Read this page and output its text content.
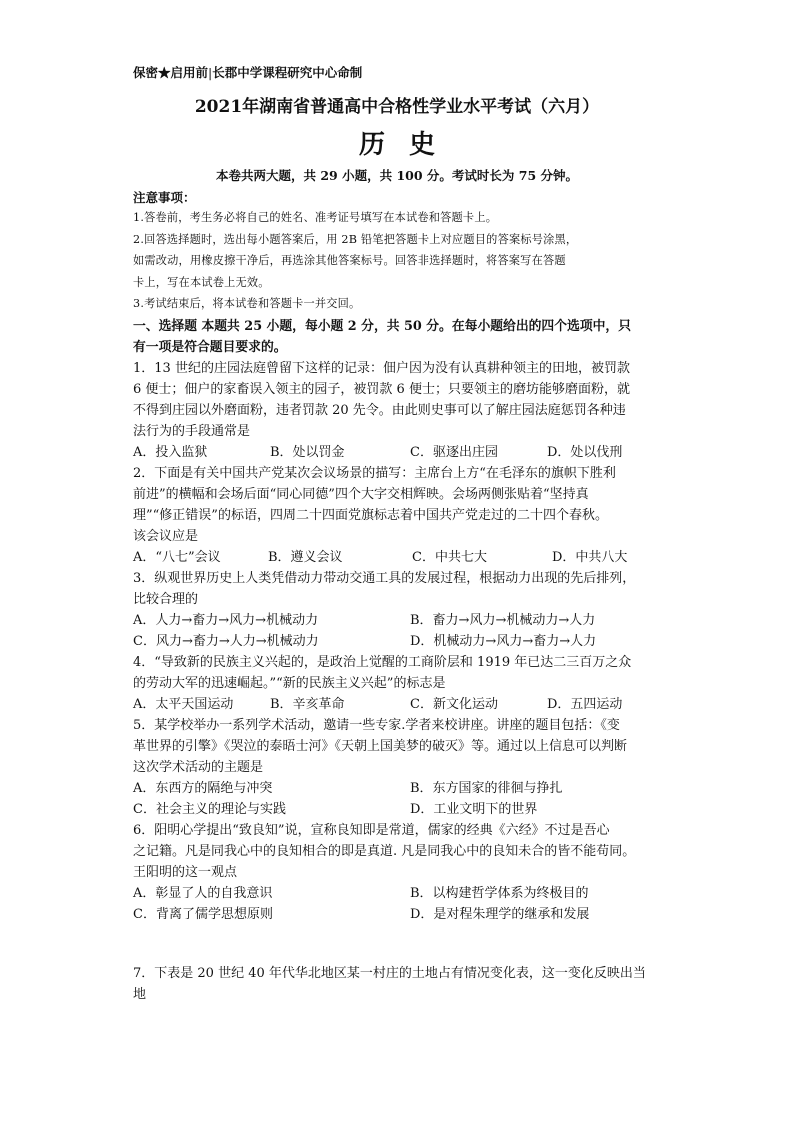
保密★启用前|长郡中学课程研究中心命制
2021年湖南省普通高中合格性学业水平考试（六月）
历史
本卷共两大题，共 29 小题，共 100 分。考试时长为 75 分钟。
注意事项：
1.答卷前，考生务必将自己的姓名、准考证号填写在本试卷和答题卡上。
2.回答选择题时，选出每小题答案后，用 2B 铅笔把答题卡上对应题目的答案标号涂黑，
如需改动，用橡皮擦干净后，再选涂其他答案标号。回答非选择题时，将答案写在答题
卡上，写在本试卷上无效。
3.考试结束后，将本试卷和答题卡一并交回。
一、选择题 本题共 25 小题，每小题 2 分，共 50 分。在每小题给出的四个选项中，只
有一项是符合题目要求的。
1．13 世纪的庄园法庭曾留下这样的记录：佃户因为没有认真耕种领主的田地，被罚款
6 便士；佃户的家畜误入领主的园子，被罚款 6 便士；只要领主的磨坊能够磨面粉，就
不得到庄园以外磨面粉，违者罚款 20 先令。由此则史事可以了解庄园法庭惩罚各种违
法行为的手段通常是
A．投入监狱	B．处以罚金	C．驱逐出庄园	D．处以伐刑
2．下面是有关中国共产党某次会议场景的描写：主席台上方“在毛泽东的旗帜下胜利
前进”的横幅和会场后面“同心同德”四个大字交相辉映。会场两侧张贴着“坚持真
理”“修正错误”的标语，四周二十四面党旗标志着中国共产党走过的二十四个春秋。
该会议应是
A．“八七”会议	B．遵义会议	C．中共七大	D．中共八大
3．纵观世界历史上人类凭借动力带动交通工具的发展过程，根据动力出现的先后排列，
比较合理的
A．人力→畜力→风力→机械动力	B．畜力→风力→机械动力→人力
C．风力→畜力→人力→机械动力	D．机械动力→风力→畜力→人力
4．“导致新的民族主义兴起的，是政治上觉醒的工商阶层和 1919 年已达二三百万之众
的劳动大军的迅速崛起。”“新的民族主义兴起”的标志是
A．太平天国运动	B．辛亥革命	C．新文化运动	D．五四运动
5．某学校举办一系列学术活动，邀请一些专家.学者来校讲座。讲座的题目包括：《变
革世界的引擎》《哭泣的泰晤士河》《天朝上国美梦的破灭》等。通过以上信息可以判断
这次学术活动的主题是
A．东西方的隔绝与冲突	B．东方国家的徘徊与挣扎
C．社会主义的理论与实践	D．工业文明下的世界
6．阳明心学提出“致良知”说，宣称良知即是常道，儒家的经典《六经》不过是吾心
之记籍。凡是同我心中的良知相合的即是真道. 凡是同我心中的良知未合的皆不能苟同。
王阳明的这一观点
A．彰显了人的自我意识	B．以构建哲学体系为终极目的
C．背离了儒学思想原则	D．是对程朱理学的继承和发展
7．下表是 20 世纪 40 年代华北地区某一村庄的土地占有情况变化表，这一变化反映出当
地
